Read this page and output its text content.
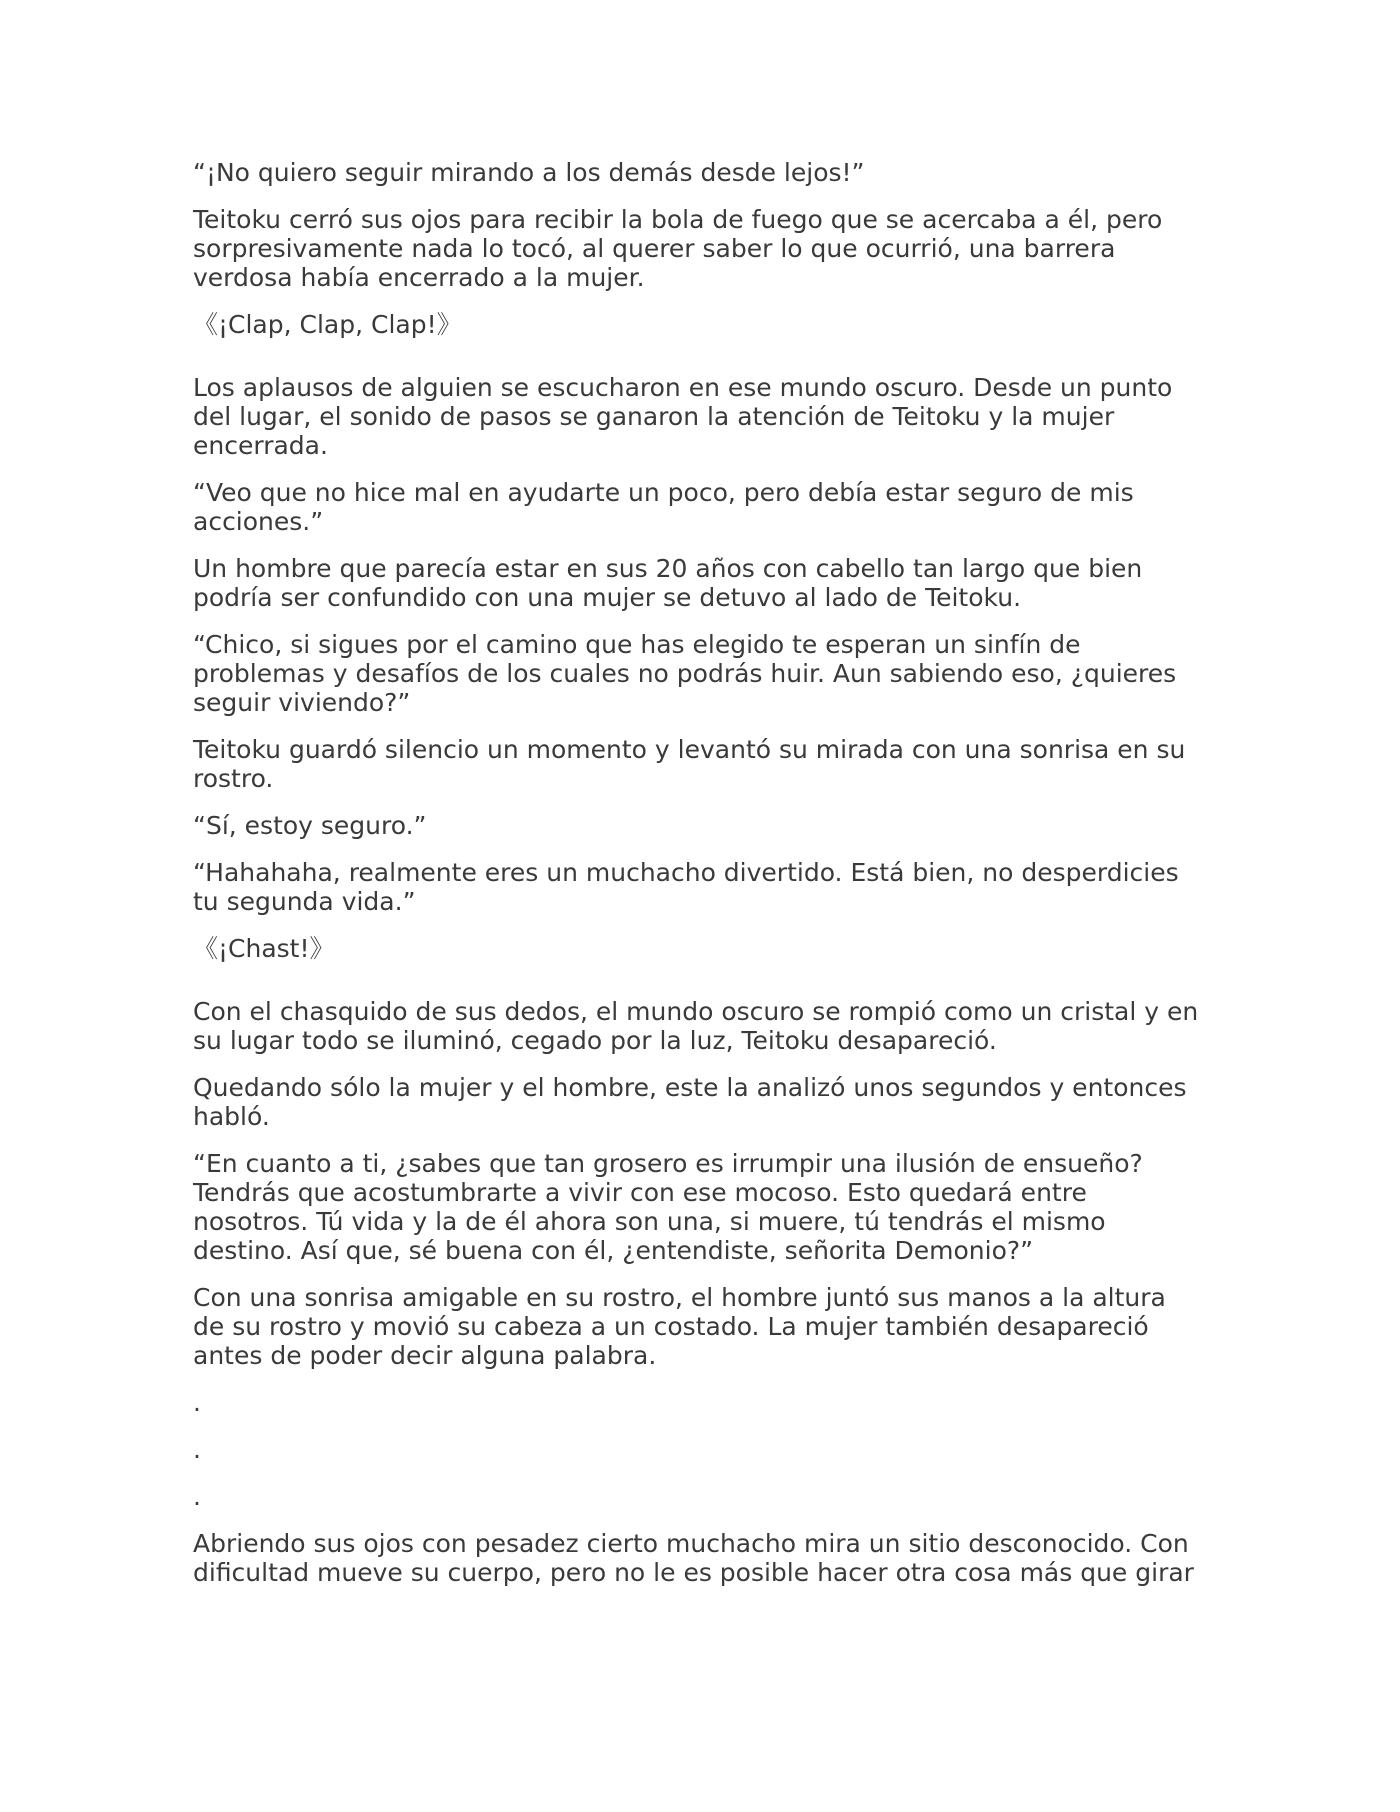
“¡No quiero seguir mirando a los demás desde lejos!”

Teitoku cerró sus ojos para recibir la bola de fuego que se acercaba a él, pero sorpresivamente nada lo tocó, al querer saber lo que ocurrió, una barrera verdosa había encerrado a la mujer.

《¡Clap, Clap, Clap!》

Los aplausos de alguien se escucharon en ese mundo oscuro. Desde un punto del lugar, el sonido de pasos se ganaron la atención de Teitoku y la mujer encerrada.

“Veo que no hice mal en ayudarte un poco, pero debía estar seguro de mis acciones.”

Un hombre que parecía estar en sus 20 años con cabello tan largo que bien podría ser confundido con una mujer se detuvo al lado de Teitoku.

“Chico, si sigues por el camino que has elegido te esperan un sinfín de problemas y desafíos de los cuales no podrás huir. Aun sabiendo eso, ¿quieres seguir viviendo?”

Teitoku guardó silencio un momento y levantó su mirada con una sonrisa en su rostro.

“Sí, estoy seguro.”

“Hahahaha, realmente eres un muchacho divertido. Está bien, no desperdicies tu segunda vida.”

《¡Chast!》

Con el chasquido de sus dedos, el mundo oscuro se rompió como un cristal y en su lugar todo se iluminó, cegado por la luz, Teitoku desapareció.

Quedando sólo la mujer y el hombre, este la analizó unos segundos y entonces habló.

“En cuanto a ti, ¿sabes que tan grosero es irrumpir una ilusión de ensueño? Tendrás que acostumbrarte a vivir con ese mocoso. Esto quedará entre nosotros. Tú vida y la de él ahora son una, si muere, tú tendrás el mismo destino. Así que, sé buena con él, ¿entendiste, señorita Demonio?”

Con una sonrisa amigable en su rostro, el hombre juntó sus manos a la altura de su rostro y movió su cabeza a un costado. La mujer también desapareció antes de poder decir alguna palabra.

.

.

.

Abriendo sus ojos con pesadez cierto muchacho mira un sitio desconocido. Con dificultad mueve su cuerpo, pero no le es posible hacer otra cosa más que girar
